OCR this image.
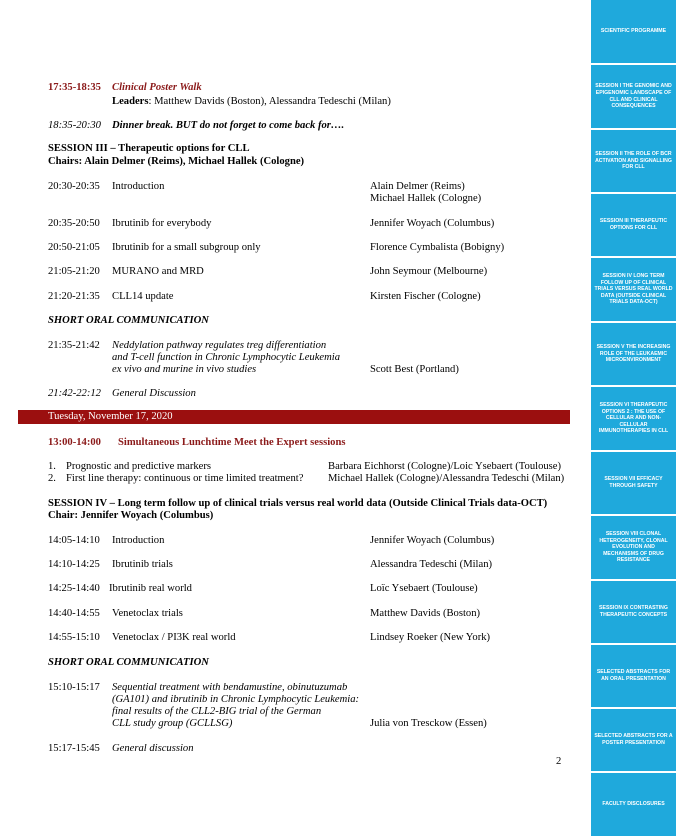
17:35-18:35 Clinical Poster Walk
Leaders: Matthew Davids (Boston), Alessandra Tedeschi (Milan)
18:35-20:30 Dinner break. BUT do not forget to come back for….
SESSION III – Therapeutic options for CLL
Chairs: Alain Delmer (Reims), Michael Hallek (Cologne)
20:30-20:35 Introduction	Alain Delmer (Reims)
Michael Hallek (Cologne)
20:35-20:50 Ibrutinib for everybody	Jennifer Woyach (Columbus)
20:50-21:05 Ibrutinib for a small subgroup only	Florence Cymbalista (Bobigny)
21:05-21:20 MURANO and MRD	John Seymour (Melbourne)
21:20-21:35 CLL14 update	Kirsten Fischer (Cologne)
SHORT ORAL COMMUNICATION
21:35-21:42 Neddylation pathway regulates treg differentiation
and T-cell function in Chronic Lymphocytic Leukemia
ex vivo and murine in vivo studies	Scott Best (Portland)
21:42-22:12 General Discussion
Tuesday, November 17, 2020
13:00-14:00 Simultaneous Lunchtime Meet the Expert sessions
1. Prognostic and predictive markers	Barbara Eichhorst (Cologne)/Loic Ysebaert (Toulouse)
2. First line therapy: continuous or time limited treatment? Michael Hallek (Cologne)/Alessandra Tedeschi (Milan)
SESSION IV – Long term follow up of clinical trials versus real world data (Outside Clinical Trials data-OCT)
Chair: Jennifer Woyach (Columbus)
14:05-14:10 Introduction	Jennifer Woyach (Columbus)
14:10-14:25 Ibrutinib trials	Alessandra Tedeschi (Milan)
14:25-14:40 Ibrutinib real world	Loïc Ysebaert (Toulouse)
14:40-14:55 Venetoclax trials	Matthew Davids (Boston)
14:55-15:10 Venetoclax / PI3K real world	Lindsey Roeker (New York)
SHORT ORAL COMMUNICATION
15:10-15:17 Sequential treatment with bendamustine, obinutuzumab
(GA101) and ibrutinib in Chronic Lymphocytic Leukemia:
final results of the CLL2-BIG trial of the German
CLL study group (GCLLSG)	Julia von Tresckow (Essen)
15:17-15:45 General discussion
2
SCIENTIFIC PROGRAMME
SESSION I THE GENOMIC AND EPIGENOMIC LANDSCAPE OF CLL AND CLINICAL CONSEQUENCES
SESSION II THE ROLE OF BCR ACTIVATION AND SIGNALLING FOR CLL
SESSION III THERAPEUTIC OPTIONS FOR CLL
SESSION IV LONG TERM FOLLOW UP OF CLINICAL TRIALS VERSUS REAL WORLD DATA (OUTSIDE CLINICAL TRIALS DATA-OCT)
SESSION V THE INCREASING ROLE OF THE LEUKAEMIC MICROENVIRONMENT
SESSION VI THERAPEUTIC OPTIONS 2 : THE USE OF CELLULAR AND NON-CELLULAR IMMUNOTHERAPIES IN CLL
SESSION VII EFFICACY THROUGH SAFETY
SESSION VIII CLONAL HETEROGENEITY, CLONAL EVOLUTION AND MECHANISMS OF DRUG RESISTANCE
SESSION IX CONTRASTING THERAPEUTIC CONCEPTS
SELECTED ABSTRACTS FOR AN ORAL PRESENTATION
SELECTED ABSTRACTS FOR A POSTER PRESENTATION
FACULTY DISCLOSURES
